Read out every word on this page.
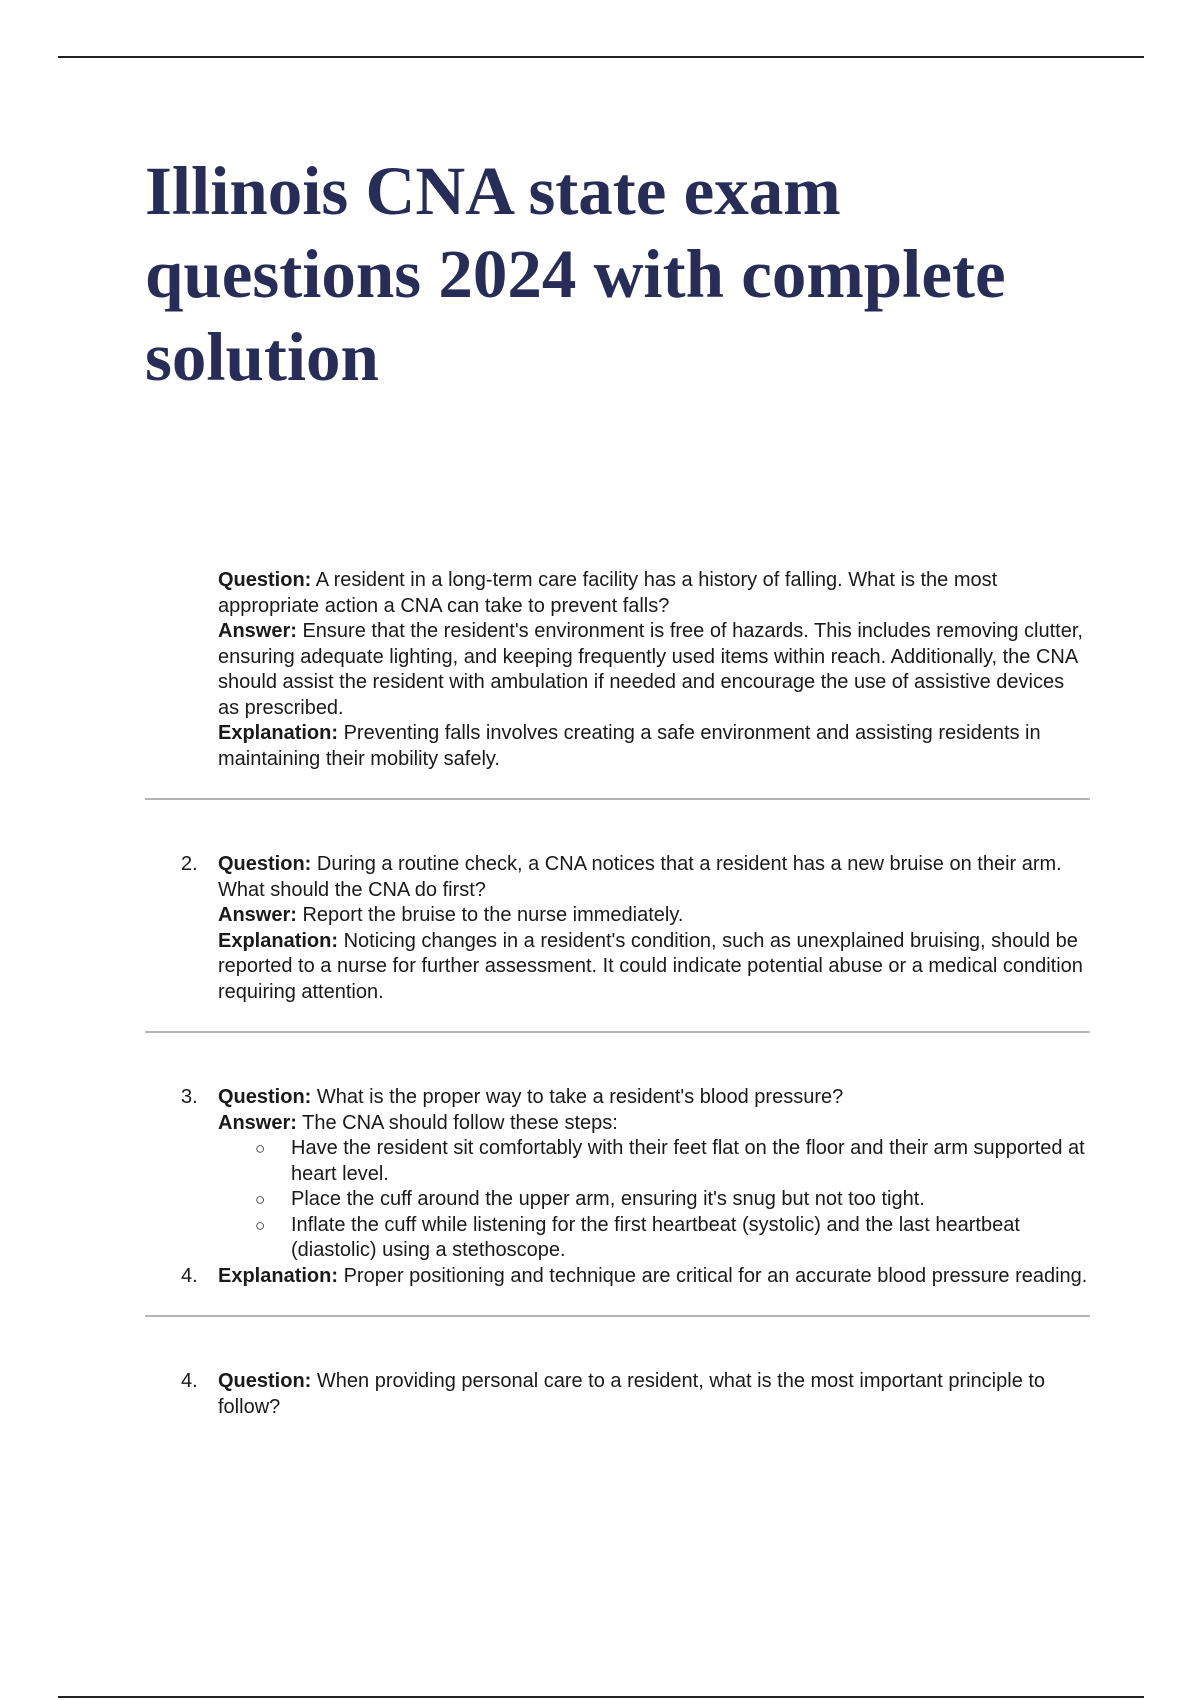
Illinois CNA state exam questions 2024 with complete solution
Question: A resident in a long-term care facility has a history of falling. What is the most appropriate action a CNA can take to prevent falls?
Answer: Ensure that the resident's environment is free of hazards. This includes removing clutter, ensuring adequate lighting, and keeping frequently used items within reach. Additionally, the CNA should assist the resident with ambulation if needed and encourage the use of assistive devices as prescribed.
Explanation: Preventing falls involves creating a safe environment and assisting residents in maintaining their mobility safely.
2.	Question: During a routine check, a CNA notices that a resident has a new bruise on their arm. What should the CNA do first?
Answer: Report the bruise to the nurse immediately.
Explanation: Noticing changes in a resident's condition, such as unexplained bruising, should be reported to a nurse for further assessment. It could indicate potential abuse or a medical condition requiring attention.
3.	Question: What is the proper way to take a resident's blood pressure?
Answer: The CNA should follow these steps:
○ Have the resident sit comfortably with their feet flat on the floor and their arm supported at heart level.
○ Place the cuff around the upper arm, ensuring it's snug but not too tight.
○ Inflate the cuff while listening for the first heartbeat (systolic) and the last heartbeat (diastolic) using a stethoscope.
4.	Explanation: Proper positioning and technique are critical for an accurate blood pressure reading.
4.	Question: When providing personal care to a resident, what is the most important principle to follow?
